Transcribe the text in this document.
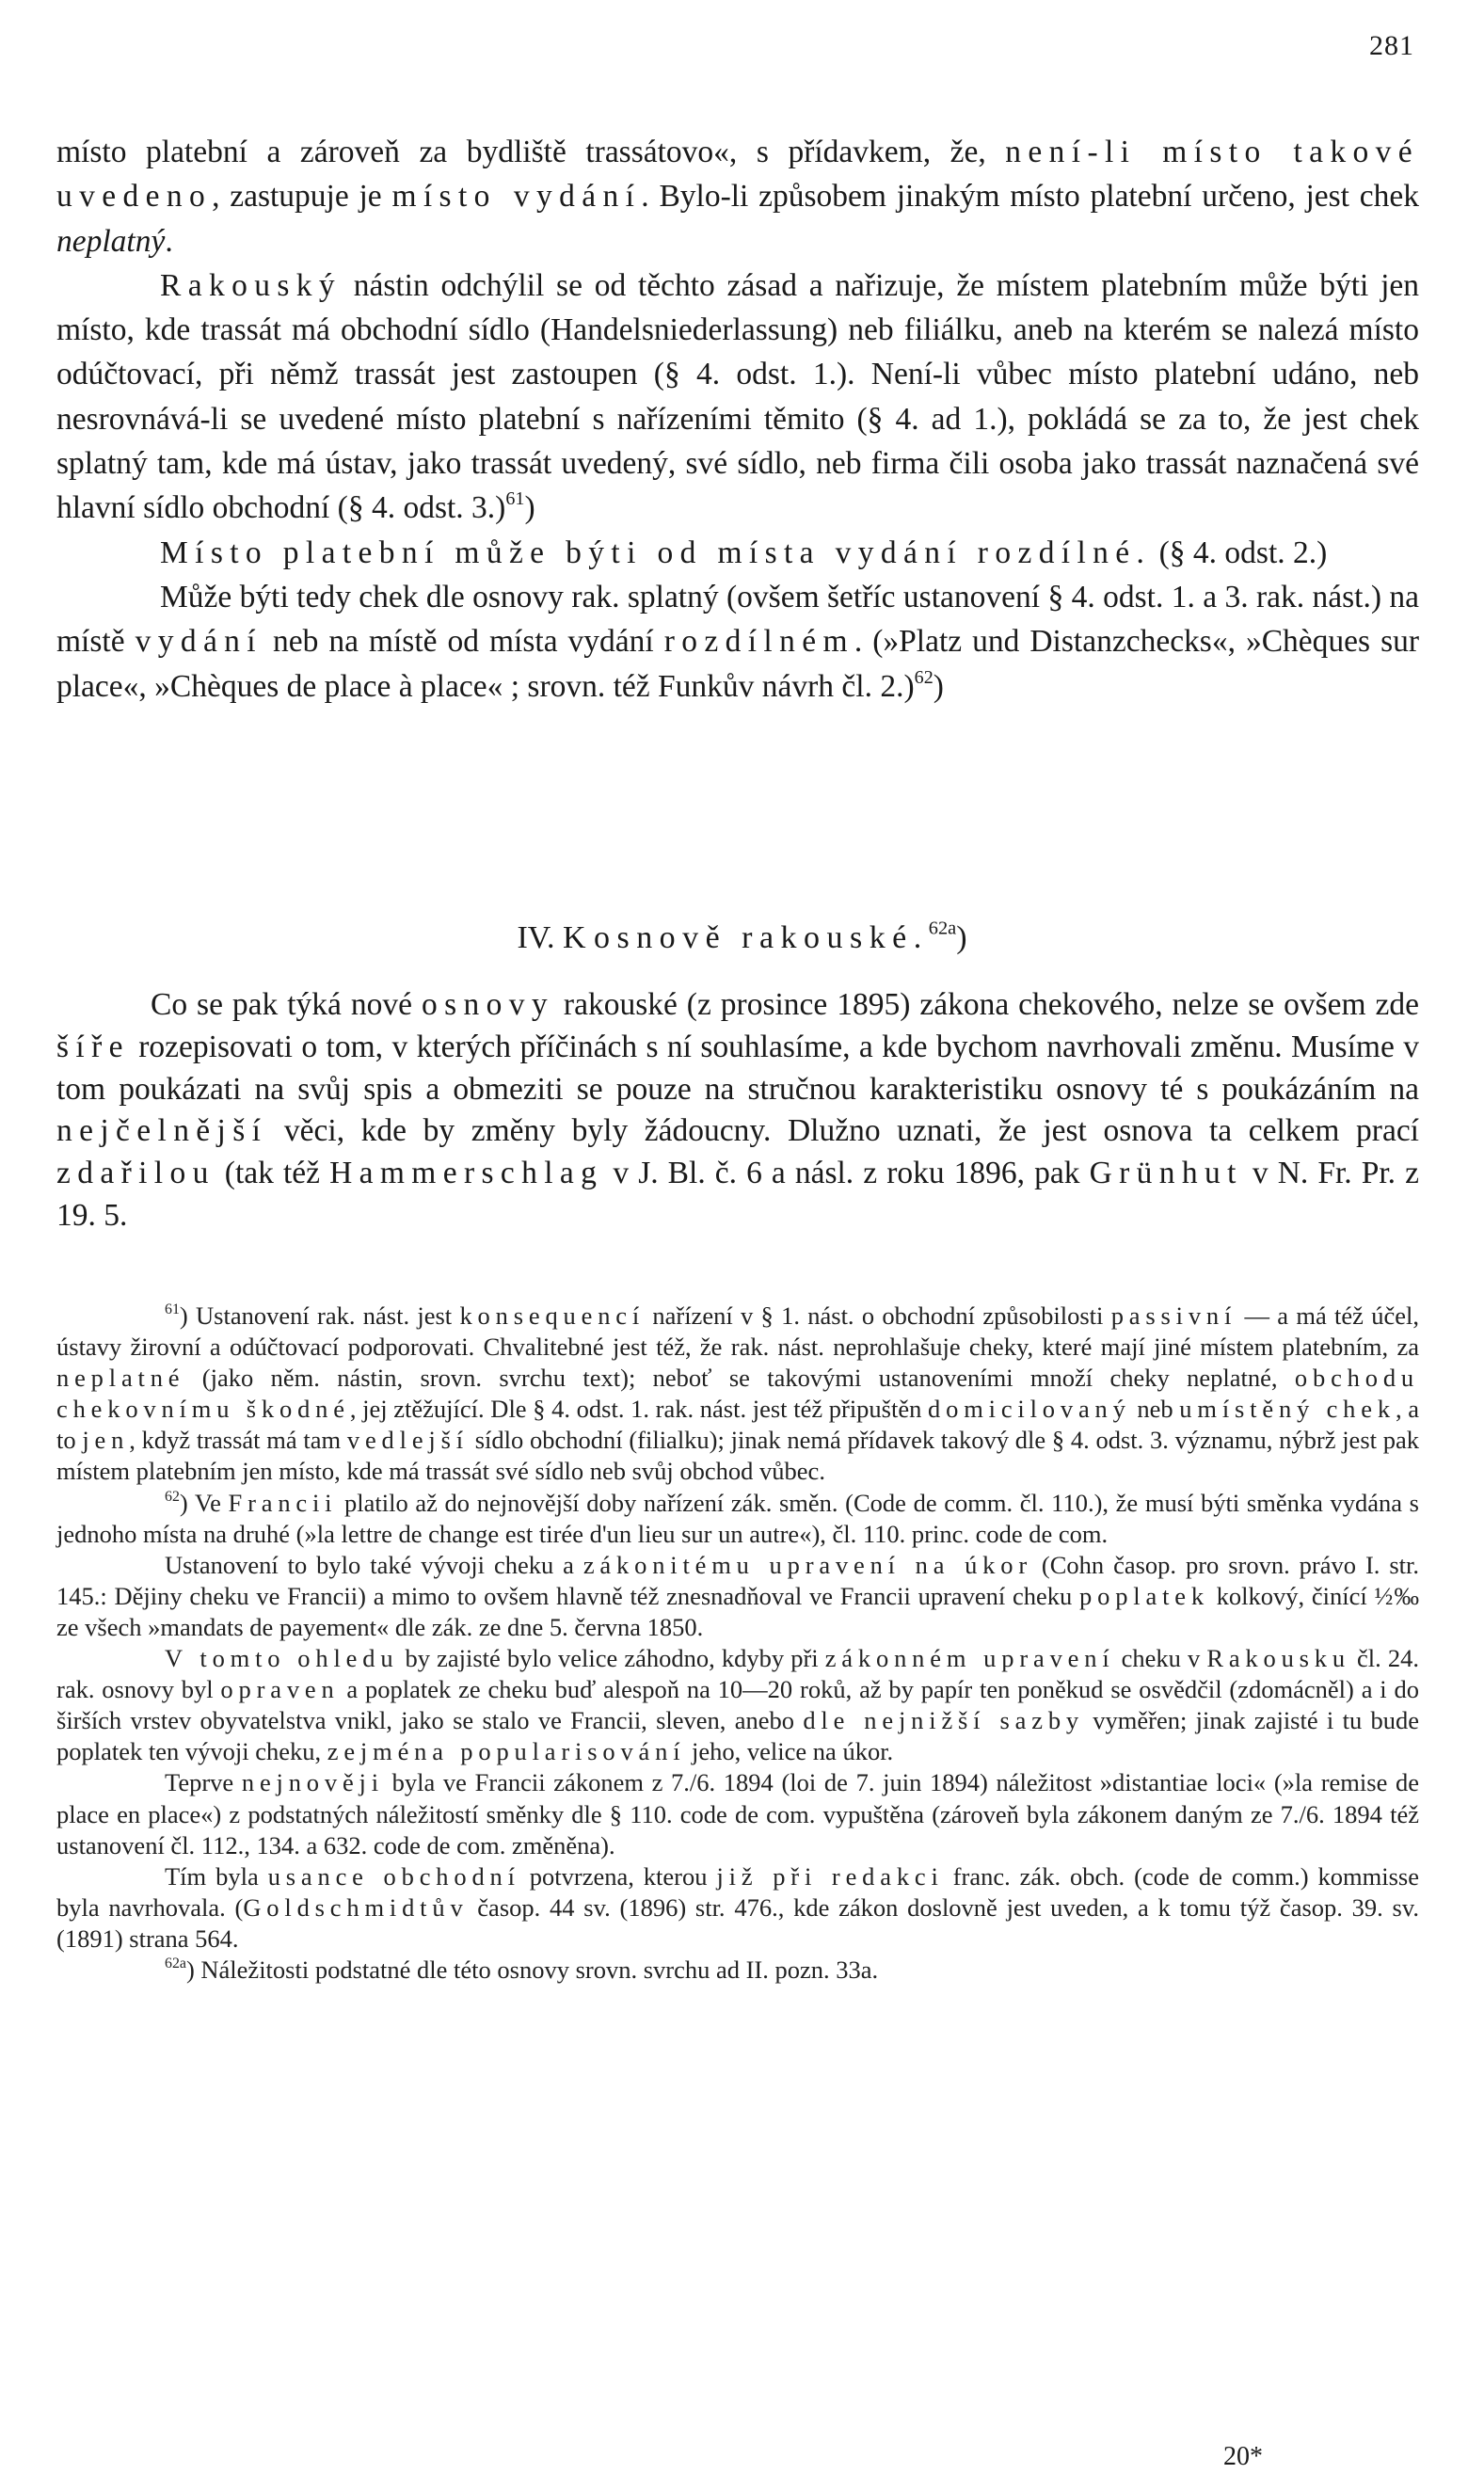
281

místo platební a zároveň za bydliště trassátovo«, s přídavkem, že, není-li místo takové uvedeno, zastupuje je místo vydání. Bylo-li způsobem jinakým místo platební určeno, jest chek neplatný.

Rakouský nástin odchýlil se od těchto zásad a nařizuje, že místem platebním může býti jen místo, kde trassát má obchodní sídlo (Handelsniederlassung) neb filiálku, aneb na kterém se nalezá místo odúčtovací, při němž trassát jest zastoupen (§ 4. odst. 1.). Není-li vůbec místo platební udáno, neb nesrovnává-li se uvedené místo platební s nařízeními těmito (§ 4. ad 1.), pokládá se za to, že jest chek splatný tam, kde má ústav, jako trassát uvedený, své sídlo, neb firma čili osoba jako trassát naznačená své hlavní sídlo obchodní (§ 4. odst. 3.)$^{61}$)

Místo platební může býti od místa vydání rozdílné. (§ 4. odst. 2.)

Může býti tedy chek dle osnovy rak. splatný (ovšem šetříc ustanovení § 4. odst. 1. a 3. rak. nást.) na místě vydání neb na místě od místa vydání rozdílném. (»Platz und Distanzchecks«, »Chèques sur place«, »Chèques de place à place« ; srovn. též Funkův návrh čl. 2.)$^{62}$)

IV. K osnově rakouské.$^{62a}$)

Co se pak týká nové osnovy rakouské (z prosince 1895) zákona chekového, nelze se ovšem zde šíře rozepisovati o tom, v kterých příčinách s ní souhlasíme, a kde bychom navrhovali změnu. Musíme v tom poukázati na svůj spis a obmeziti se pouze na stručnou karakteristiku osnovy té s poukázáním na nejčelnější věci, kde by změny byly žádoucny. Dlužno uznati, že jest osnova ta celkem prací zdařilou (tak též Hammerschlag v J. Bl. č. 6 a násl. z roku 1896, pak Grünhut v N. Fr. Pr. z 19. 5.

$^{61}$) Ustanovení rak. nást. jest konsequencí nařízení v § 1. nást. o obchodní způsobilosti passivní — a má též účel, ústavy žirovní a odúčtovací podporovati. Chvalitebné jest též, že rak. nást. neprohlašuje cheky, které mají jiné místem platebním, za neplatné (jako něm. nástin, srovn. svrchu text); neboť se takovými ustanoveními množí cheky neplatné, obchodu chekovnímu škodné, jej ztěžující. Dle § 4. odst. 1. rak. nást. jest též připuštěn domicilovaný neb umístěný chek, a to jen, když trassát má tam vedlejší sídlo obchodní (filialku); jinak nemá přídavek takový dle § 4. odst. 3. významu, nýbrž jest pak místem platebním jen místo, kde má trassát své sídlo neb svůj obchod vůbec.

$^{62}$) Ve Francii platilo až do nejnovější doby nařízení zák. směn. (Code de comm. čl. 110.), že musí býti směnka vydána s jednoho místa na druhé (»la lettre de change est tirée d'un lieu sur un autre«), čl. 110. princ. code de com.

Ustanovení to bylo také vývoji cheku a zákonitému upravení na úkor (Cohn časop. pro srovn. právo I. str. 145.: Dějiny cheku ve Francii) a mimo to ovšem hlavně též znesnadňoval ve Francii upravení cheku poplatek kolkový, činící ½‰ ze všech »mandats de payement« dle zák. ze dne 5. června 1850.

V tomto ohledu by zajisté bylo velice záhodno, kdyby při zákonném upravení cheku v Rakousku čl. 24. rak. osnovy byl opraven a poplatek ze cheku buď alespoň na 10—20 roků, až by papír ten poněkud se osvědčil (zdomácněl) a i do širších vrstev obyvatelstva vnikl, jako se stalo ve Francii, sleven, anebo dle nejnižší sazby vyměřen; jinak zajisté i tu bude poplatek ten vývoji cheku, zejména popularisování jeho, velice na úkor.

Teprve nejnověji byla ve Francii zákonem z 7./6. 1894 (loi de 7. juin 1894) náležitost »distantiae loci« (»la remise de place en place«) z podstatných náležitostí směnky dle § 110. code de com. vypuštěna (zároveň byla zákonem daným ze 7./6. 1894 též ustanovení čl. 112., 134. a 632. code de com. změněna).

Tím byla usance obchodní potvrzena, kterou již při redakci franc. zák. obch. (code de comm.) kommisse byla navrhovala. (Goldschmidtův časop. 44 sv. (1896) str. 476., kde zákon doslovně jest uveden, a k tomu týž časop. 39. sv. (1891) strana 564.

$^{62a}$) Náležitosti podstatné dle této osnovy srovn. svrchu ad II. pozn. 33a.

20*
